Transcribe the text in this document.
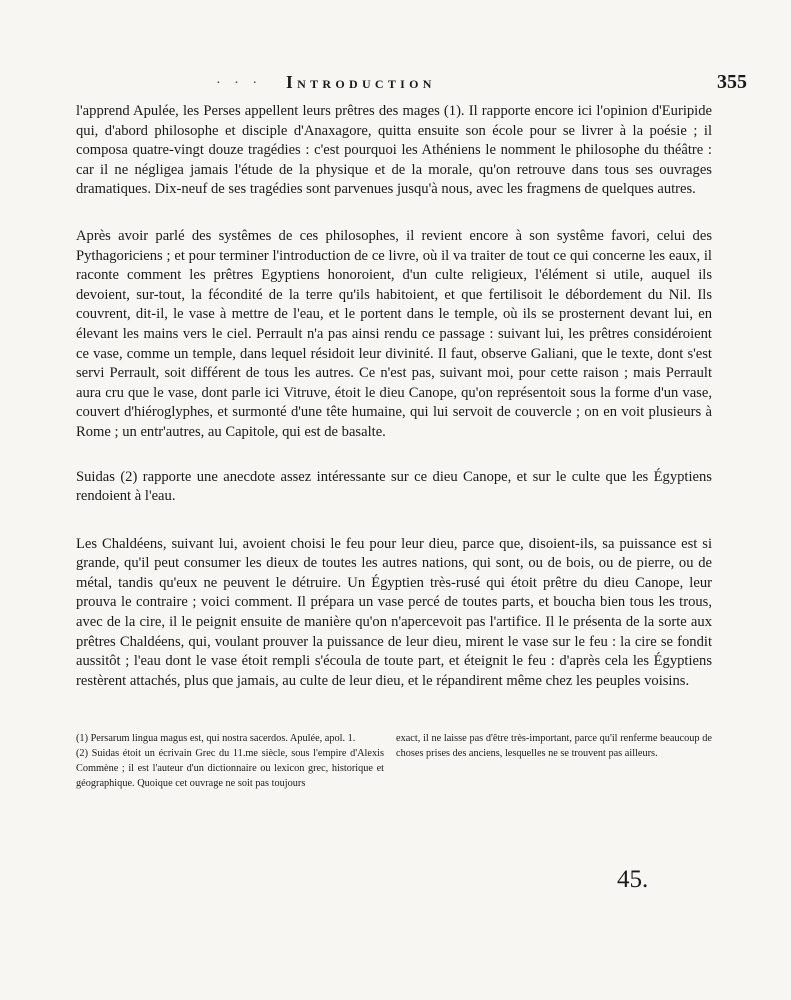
· · · Introduction	355

l'apprend Apulée, les Perses appellent leurs prêtres des mages (1). Il rapporte encore ici l'opinion d'Euripide qui, d'abord philosophe et disciple d'Anaxagore, quitta ensuite son école pour se livrer à la poésie ; il composa quatre-vingt douze tragédies : c'est pourquoi les Athéniens le nomment le philosophe du théâtre : car il ne négligea jamais l'étude de la physique et de la morale, qu'on retrouve dans tous ses ouvrages dramatiques. Dix-neuf de ses tragédies sont parvenues jusqu'à nous, avec les fragmens de quelques autres.

Après avoir parlé des systêmes de ces philosophes, il revient encore à son systême favori, celui des Pythagoriciens ; et pour terminer l'introduction de ce livre, où il va traiter de tout ce qui concerne les eaux, il raconte comment les prêtres Egyptiens honoroient, d'un culte religieux, l'élément si utile, auquel ils devoient, sur-tout, la fécondité de la terre qu'ils habitoient, et que fertilisoit le débordement du Nil. Ils couvrent, dit-il, le vase à mettre de l'eau, et le portent dans le temple, où ils se prosternent devant lui, en élevant les mains vers le ciel. Perrault n'a pas ainsi rendu ce passage : suivant lui, les prêtres considéroient ce vase, comme un temple, dans lequel résidoit leur divinité. Il faut, observe Galiani, que le texte, dont s'est servi Perrault, soit différent de tous les autres. Ce n'est pas, suivant moi, pour cette raison ; mais Perrault aura cru que le vase, dont parle ici Vitruve, étoit le dieu Canope, qu'on représentoit sous la forme d'un vase, couvert d'hiéroglyphes, et surmonté d'une tête humaine, qui lui servoit de couvercle ; on en voit plusieurs à Rome ; un entr'autres, au Capitole, qui est de basalte.

Suidas (2) rapporte une anecdote assez intéressante sur ce dieu Canope, et sur le culte que les Égyptiens rendoient à l'eau.

Les Chaldéens, suivant lui, avoient choisi le feu pour leur dieu, parce que, disoient-ils, sa puissance est si grande, qu'il peut consumer les dieux de toutes les autres nations, qui sont, ou de bois, ou de pierre, ou de métal, tandis qu'eux ne peuvent le détruire. Un Égyptien très-rusé qui étoit prêtre du dieu Canope, leur prouva le contraire ; voici comment. Il prépara un vase percé de toutes parts, et boucha bien tous les trous, avec de la cire, il le peignit ensuite de manière qu'on n'apercevoit pas l'artifice. Il le présenta de la sorte aux prêtres Chaldéens, qui, voulant prouver la puissance de leur dieu, mirent le vase sur le feu : la cire se fondit aussitôt ; l'eau dont le vase étoit rempli s'écoula de toute part, et éteignit le feu : d'après cela les Égyptiens restèrent attachés, plus que jamais, au culte de leur dieu, et le répandirent même chez les peuples voisins.

(1) Persarum lingua magus est, qui nostra sacerdos. Apulée, apol. 1.

(2) Suidas étoit un écrivain Grec du 11.me siècle, sous l'empire d'Alexis Commène ; il est l'auteur d'un dictionnaire ou lexicon grec, historique et géographique. Quoique cet ouvrage ne soit pas toujours

exact, il ne laisse pas d'être très-important, parce qu'il renferme beaucoup de choses prises des anciens, lesquelles ne se trouvent pas ailleurs.

45.
